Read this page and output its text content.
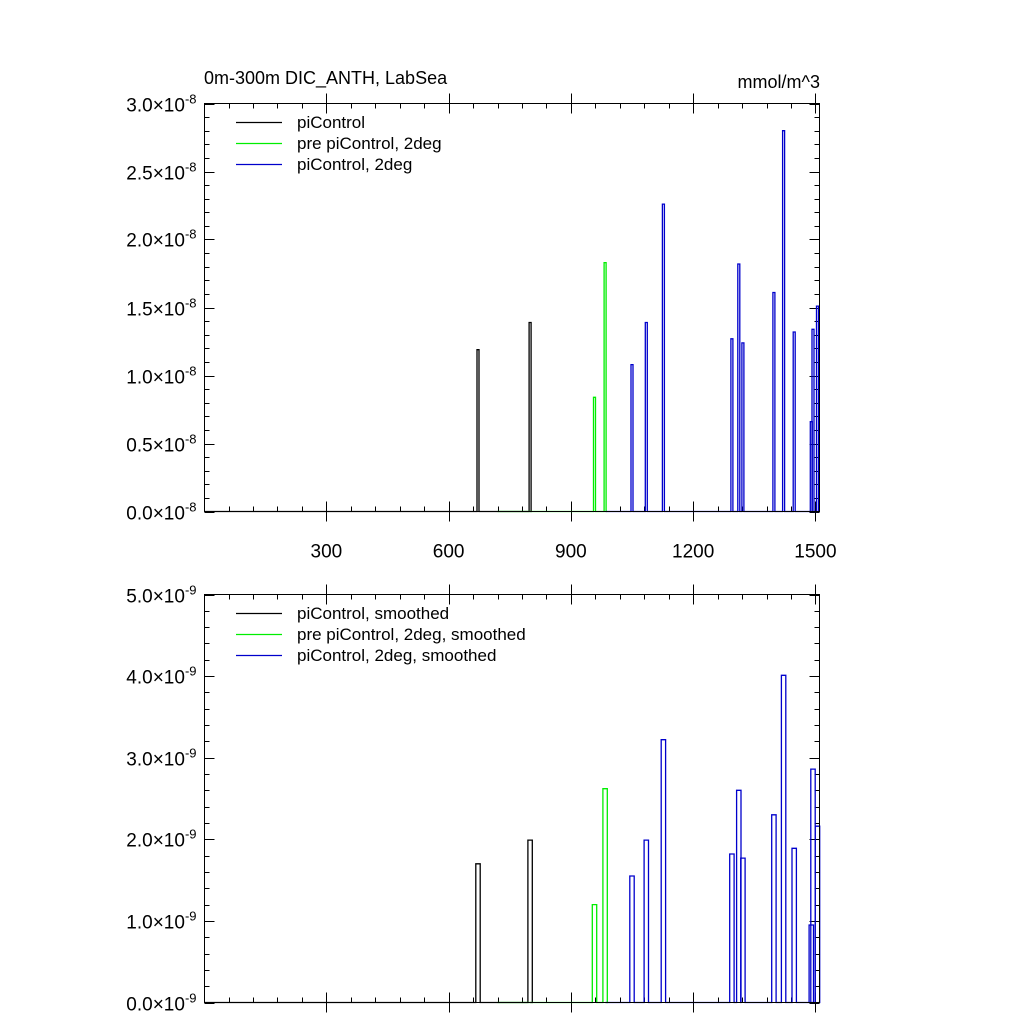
0m-300m DIC_ANTH, LabSea	mmol/m^3
$0.0\times 10^{-8}$
$0.5\times 10^{-8}$
$1.0\times 10^{-8}$
$1.5\times 10^{-8}$
$2.0\times 10^{-8}$
$2.5\times 10^{-8}$
$3.0\times 10^{-8}$
300	600	900	1200	1500
piControl
pre piControl, 2deg
piControl, 2deg
$0.0\times 10^{-9}$
$1.0\times 10^{-9}$
$2.0\times 10^{-9}$
$3.0\times 10^{-9}$
$4.0\times 10^{-9}$
$5.0\times 10^{-9}$
piControl, smoothed
pre piControl, 2deg, smoothed
piControl, 2deg, smoothed
